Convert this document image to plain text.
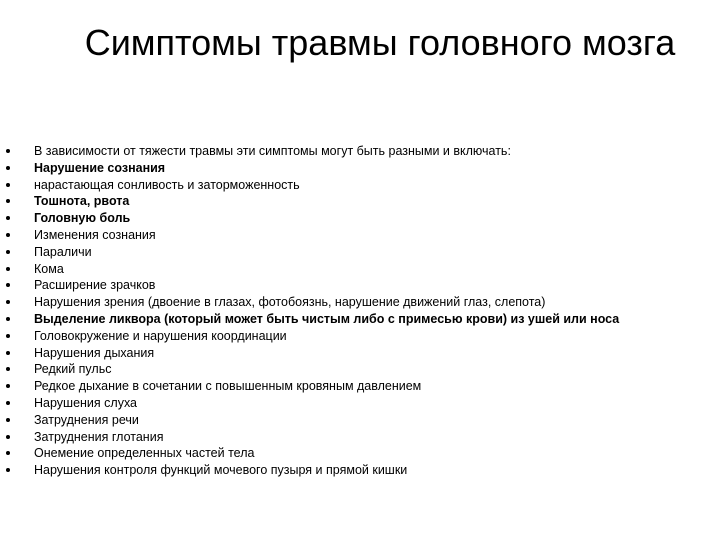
Симптомы травмы головного мозга
В зависимости от тяжести травмы эти симптомы могут быть разными и включать:
Нарушение сознания
нарастающая сонливость и заторможенность
Тошнота, рвота
Головную боль
Изменения сознания
Параличи
Кома
Расширение зрачков
Нарушения зрения (двоение в глазах, фотобоязнь, нарушение движений глаз, слепота)
Выделение ликвора (который может быть чистым либо с примесью крови) из ушей или носа
Головокружение и нарушения координации
Нарушения дыхания
Редкий пульс
Редкое дыхание в сочетании с повышенным кровяным давлением
Нарушения слуха
Затруднения речи
Затруднения глотания
Онемение определенных частей тела
Нарушения контроля функций мочевого пузыря и прямой кишки
